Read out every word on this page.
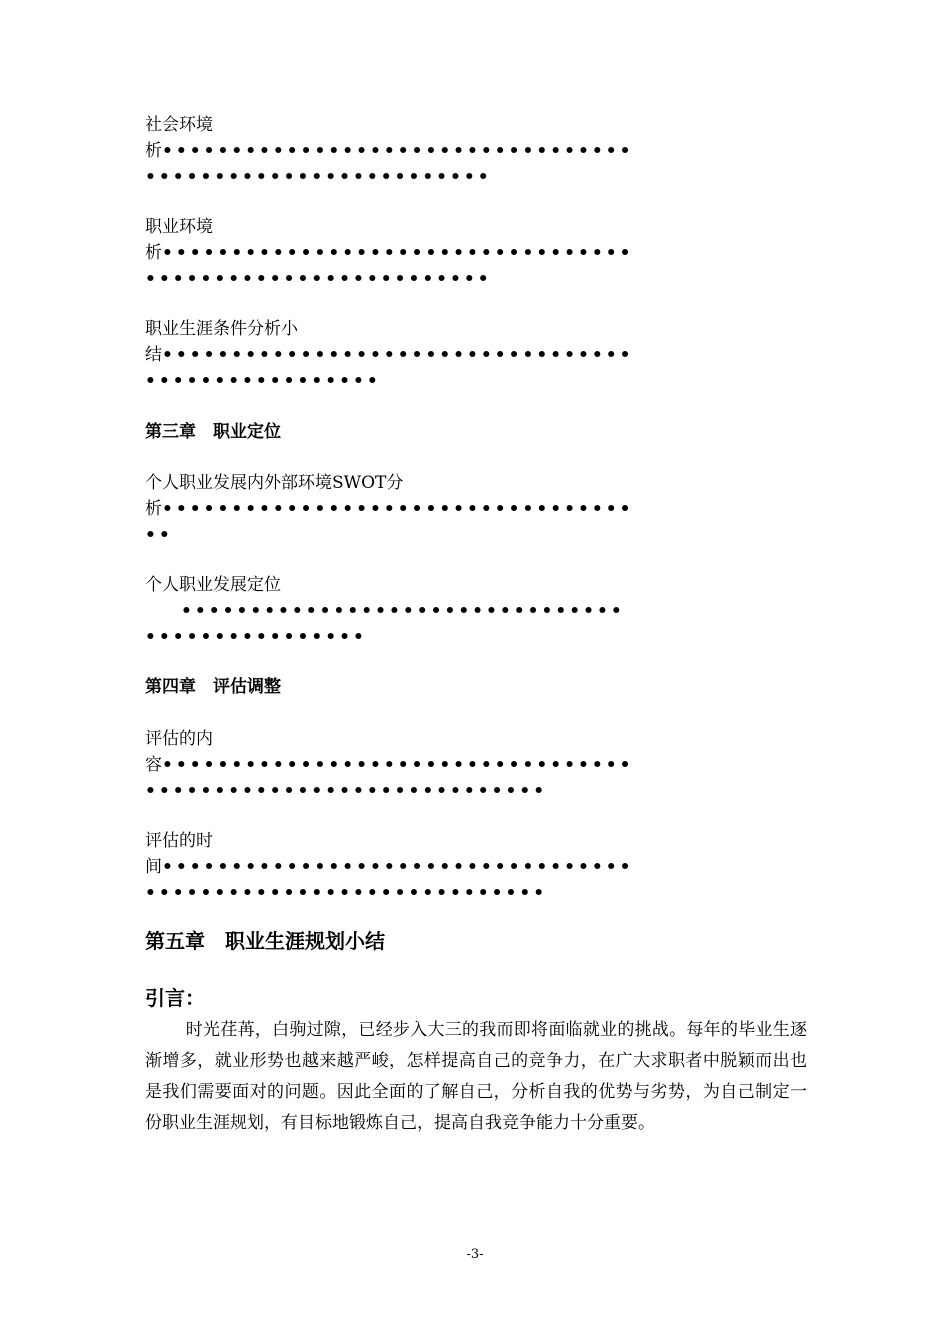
社会环境
析••••••••••••••••••••••••••••••••••
•••••••••••••••••••••••••
职业环境
析••••••••••••••••••••••••••••••••••
•••••••••••••••••••••••••
职业生涯条件分析小
结••••••••••••••••••••••••••••••••••
•••••••••••••••••
第三章　职业定位
个人职业发展内外部环境SWOT分
析••••••••••••••••••••••••••••••••••
••
个人职业发展定位
••••••••••••••••••••••••••••••••
••••••••••••••••
第四章　评估调整
评估的内
容••••••••••••••••••••••••••••••••••
•••••••••••••••••••••••••••••
评估的时
间••••••••••••••••••••••••••••••••••
•••••••••••••••••••••••••••••
第五章　职业生涯规划小结
引言：
时光荏苒，白驹过隙，已经步入大三的我而即将面临就业的挑战。每年的毕业生逐渐增多，就业形势也越来越严峻，怎样提高自己的竞争力，在广大求职者中脱颖而出也是我们需要面对的问题。因此全面的了解自己，分析自我的优势与劣势，为自己制定一份职业生涯规划，有目标地锻炼自己，提高自我竞争能力十分重要。
-3-
